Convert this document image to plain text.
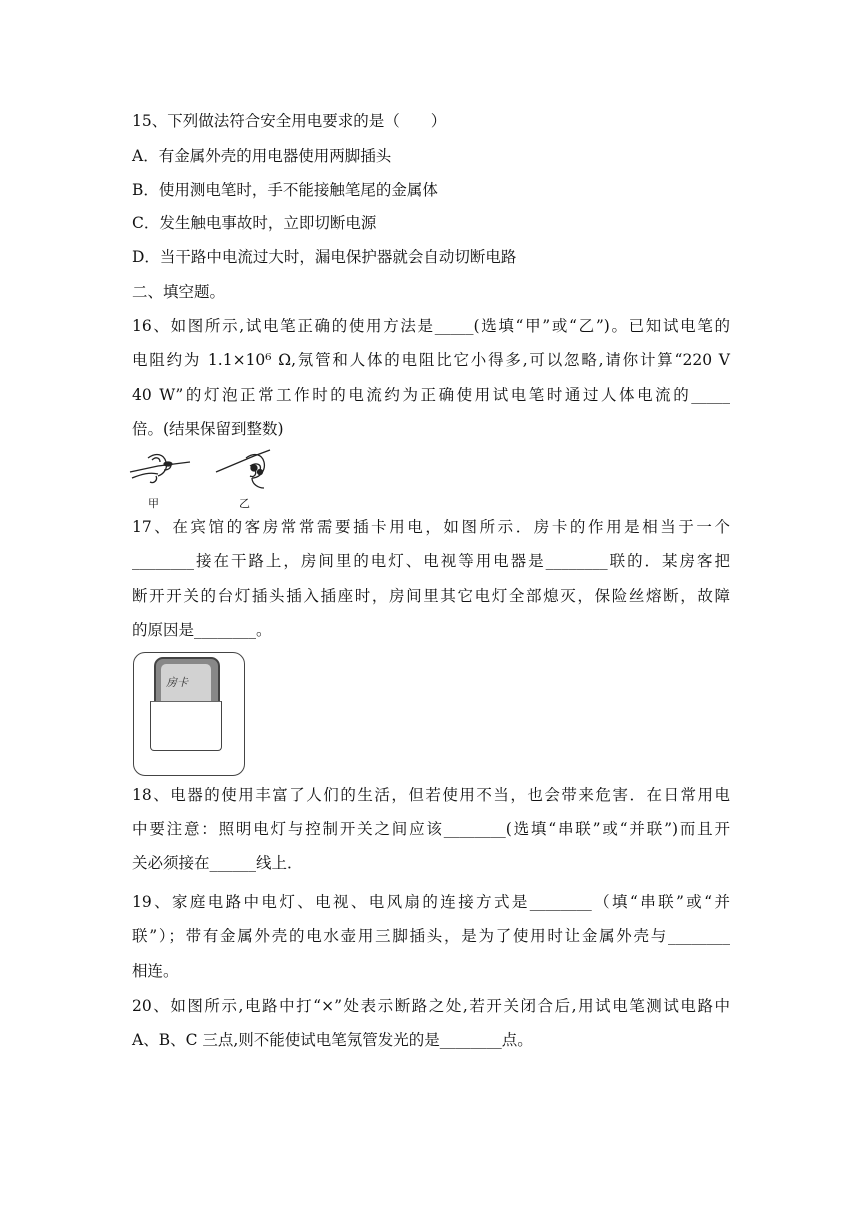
15、下列做法符合安全用电要求的是（　　）
A．有金属外壳的用电器使用两脚插头
B．使用测电笔时，手不能接触笔尾的金属体
C．发生触电事故时，立即切断电源
D．当干路中电流过大时，漏电保护器就会自动切断电路
二、填空题。
16、如图所示,试电笔正确的使用方法是_____(选填“甲”或“乙”)。已知试电笔的
电阻约为 1.1×10⁶ Ω,氖管和人体的电阻比它小得多,可以忽略,请你计算“220 V
40 W”的灯泡正常工作时的电流约为正确使用试电笔时通过人体电流的_____
倍。(结果保留到整数)
甲	乙
17、在宾馆的客房常常需要插卡用电，如图所示．房卡的作用是相当于一个
________接在干路上，房间里的电灯、电视等用电器是________联的．某房客把
断开开关的台灯插头插入插座时，房间里其它电灯全部熄灭，保险丝熔断，故障
的原因是________。
房卡
18、电器的使用丰富了人们的生活，但若使用不当，也会带来危害．在日常用电
中要注意：照明电灯与控制开关之间应该________(选填“串联”或“并联”)而且开
关必须接在______线上．
19、家庭电路中电灯、电视、电风扇的连接方式是________（填“串联”或“并
联”）；带有金属外壳的电水壶用三脚插头，是为了使用时让金属外壳与________
相连。
20、如图所示,电路中打“×”处表示断路之处,若开关闭合后,用试电笔测试电路中
A、B、C 三点,则不能使试电笔氖管发光的是________点。
